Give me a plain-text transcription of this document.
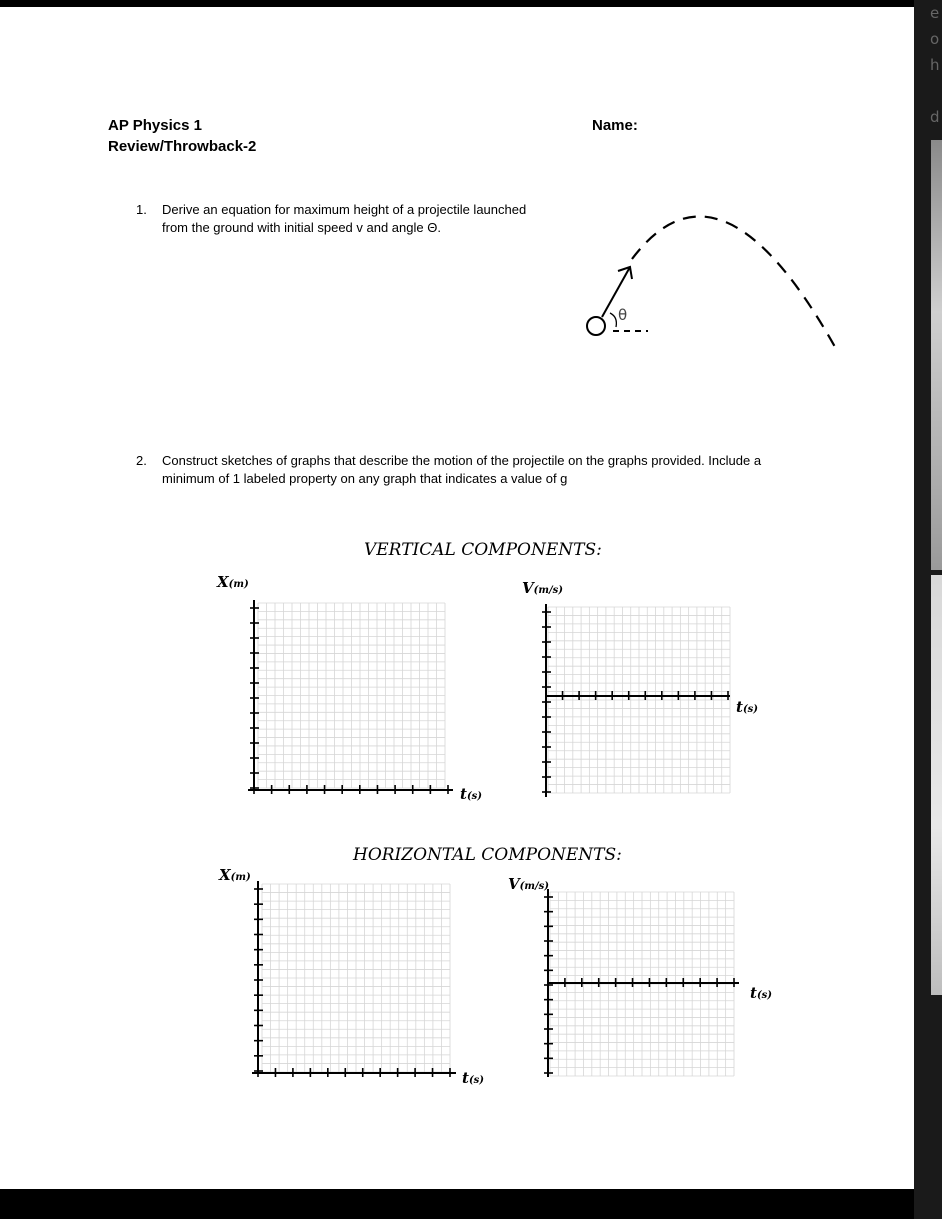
e
o
h
d
AP Physics 1
Review/Throwback-2
Name:
1. Derive an equation for maximum height of a projectile launched
from the ground with initial speed v and angle Θ.
θ
2. Construct sketches of graphs that describe the motion of the projectile on the graphs provided. Include a
minimum of 1 labeled property on any graph that indicates a value of g
VERTICAL COMPONENTS:
X(m)
t(s)
V(m/s)
t(s)
HORIZONTAL COMPONENTS:
X(m)
t(s)
V(m/s)
t(s)
